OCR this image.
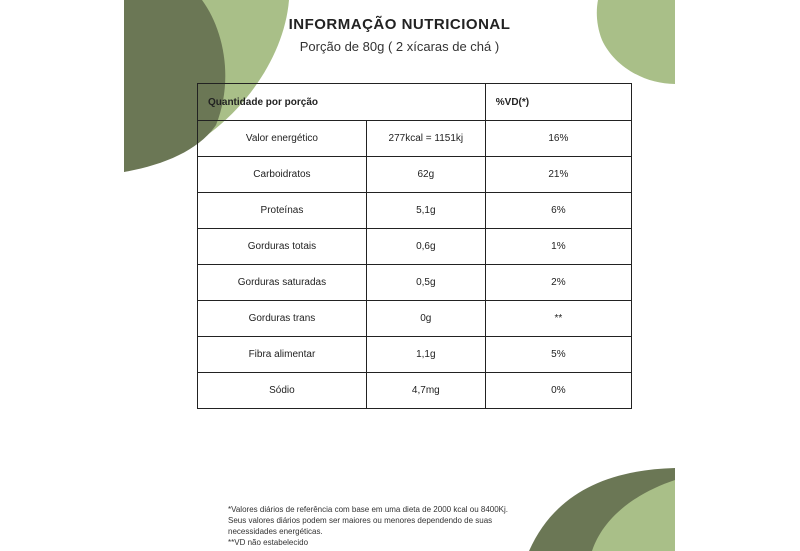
INFORMAÇÃO NUTRICIONAL
Porção de 80g ( 2 xícaras de chá )
Quantidade por porção		%VD(*)
Valor energético	277kcal = 1151kj	16%
Carboidratos	62g	21%
Proteínas	5,1g	6%
Gorduras totais	0,6g	1%
Gorduras saturadas	0,5g	2%
Gorduras trans	0g	**
Fibra alimentar	1,1g	5%
Sódio	4,7mg	0%
*Valores diários de referência com base em uma dieta de 2000 kcal ou 8400Kj.
Seus valores diários podem ser maiores ou menores dependendo de suas
necessidades energéticas.
**VD não estabelecido
